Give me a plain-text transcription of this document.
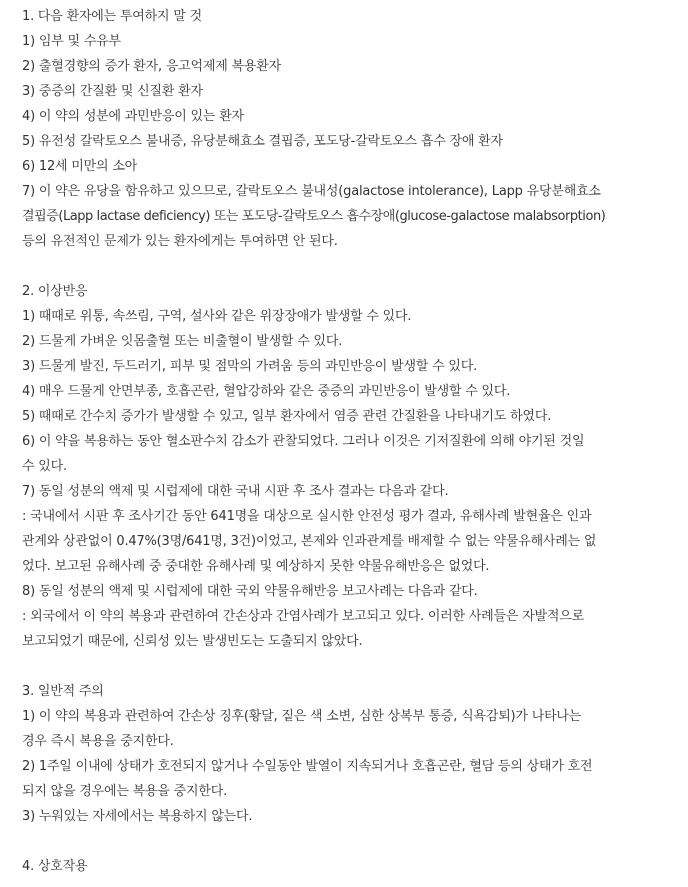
1. 다음 환자에는 투여하지 말 것
1) 임부 및 수유부
2) 출혈경향의 증가 환자, 응고억제제 복용환자
3) 중증의 간질환 및 신질환 환자
4) 이 약의 성분에 과민반응이 있는 환자
5) 유전성 갈락토오스 불내증, 유당분해효소 결핍증, 포도당-갈락토오스 흡수 장애 환자
6) 12세 미만의 소아
7) 이 약은 유당을 함유하고 있으므로, 갈락토오스 불내성(galactose intolerance), Lapp 유당분해효소
결핍증(Lapp lactase deficiency) 또는 포도당-갈락토오스 흡수장애(glucose-galactose malabsorption)
등의 유전적인 문제가 있는 환자에게는 투여하면 안 된다.
2. 이상반응
1) 때때로 위통, 속쓰림, 구역, 설사와 같은 위장장애가 발생할 수 있다.
2) 드물게 가벼운 잇몸출혈 또는 비출혈이 발생할 수 있다.
3) 드물게 발진, 두드러기, 피부 및 점막의 가려움 등의 과민반응이 발생할 수 있다.
4) 매우 드물게 안면부종, 호흡곤란, 혈압강하와 같은 중증의 과민반응이 발생할 수 있다.
5) 때때로 간수치 증가가 발생할 수 있고, 일부 환자에서 염증 관련 간질환을 나타내기도 하였다.
6) 이 약을 복용하는 동안 혈소판수치 감소가 관찰되었다. 그러나 이것은 기저질환에 의해 야기된 것일
수 있다.
7) 동일 성분의 액제 및 시럽제에 대한 국내 시판 후 조사 결과는 다음과 같다.
: 국내에서 시판 후 조사기간 동안 641명을 대상으로 실시한 안전성 평가 결과, 유해사례 발현율은 인과
관계와 상관없이 0.47%(3명/641명, 3건)이었고, 본제와 인과관계를 배제할 수 없는 약물유해사례는 없
었다. 보고된 유해사례 중 중대한 유해사례 및 예상하지 못한 약물유해반응은 없었다.
8) 동일 성분의 액제 및 시럽제에 대한 국외 약물유해반응 보고사례는 다음과 같다.
: 외국에서 이 약의 복용과 관련하여 간손상과 간염사례가 보고되고 있다. 이러한 사례들은 자발적으로
보고되었기 때문에, 신뢰성 있는 발생빈도는 도출되지 않았다.
3. 일반적 주의
1) 이 약의 복용과 관련하여 간손상 징후(황달, 짙은 색 소변, 심한 상복부 통증, 식욕감퇴)가 나타나는
경우 즉시 복용을 중지한다.
2) 1주일 이내에 상태가 호전되지 않거나 수일동안 발열이 지속되거나 호흡곤란, 혈담 등의 상태가 호전
되지 않을 경우에는 복용을 중지한다.
3) 누워있는 자세에서는 복용하지 않는다.
4. 상호작용
